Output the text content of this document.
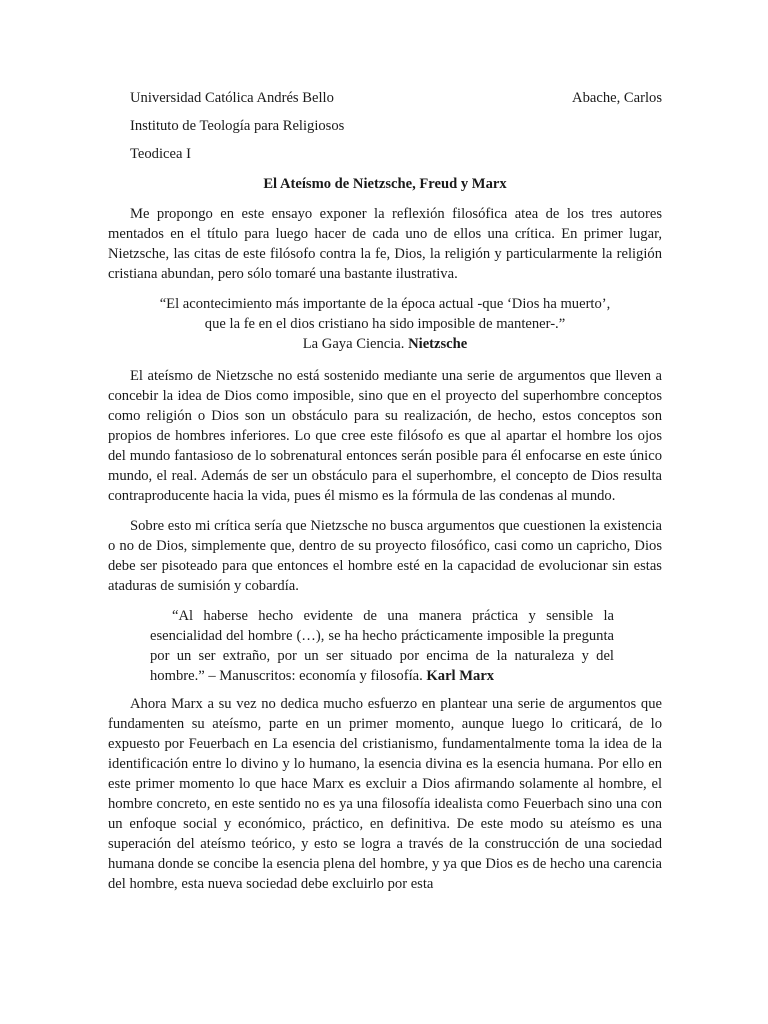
Universidad Católica Andrés Bello	Abache, Carlos
Instituto de Teología para Religiosos
Teodicea I
El Ateísmo de Nietzsche, Freud y Marx

Me propongo en este ensayo exponer la reflexión filosófica atea de los tres autores mentados en el título para luego hacer de cada uno de ellos una crítica. En primer lugar, Nietzsche, las citas de este filósofo contra la fe, Dios, la religión y particularmente la religión cristiana abundan, pero sólo tomaré una bastante ilustrativa.

“El acontecimiento más importante de la época actual -que ‘Dios ha muerto’, que la fe en el dios cristiano ha sido imposible de mantener-.”
La Gaya Ciencia. Nietzsche

El ateísmo de Nietzsche no está sostenido mediante una serie de argumentos que lleven a concebir la idea de Dios como imposible, sino que en el proyecto del superhombre conceptos como religión o Dios son un obstáculo para su realización, de hecho, estos conceptos son propios de hombres inferiores. Lo que cree este filósofo es que al apartar el hombre los ojos del mundo fantasioso de lo sobrenatural entonces serán posible para él enfocarse en este único mundo, el real. Además de ser un obstáculo para el superhombre, el concepto de Dios resulta contraproducente hacia la vida, pues él mismo es la fórmula de las condenas al mundo.

Sobre esto mi crítica sería que Nietzsche no busca argumentos que cuestionen la existencia o no de Dios, simplemente que, dentro de su proyecto filosófico, casi como un capricho, Dios debe ser pisoteado para que entonces el hombre esté en la capacidad de evolucionar sin estas ataduras de sumisión y cobardía.

“Al haberse hecho evidente de una manera práctica y sensible la esencialidad del hombre (…), se ha hecho prácticamente imposible la pregunta por un ser extraño, por un ser situado por encima de la naturaleza y del hombre.” – Manuscritos: economía y filosofía. Karl Marx

Ahora Marx a su vez no dedica mucho esfuerzo en plantear una serie de argumentos que fundamenten su ateísmo, parte en un primer momento, aunque luego lo criticará, de lo expuesto por Feuerbach en La esencia del cristianismo, fundamentalmente toma la idea de la identificación entre lo divino y lo humano, la esencia divina es la esencia humana. Por ello en este primer momento lo que hace Marx es excluir a Dios afirmando solamente al hombre, el hombre concreto, en este sentido no es ya una filosofía idealista como Feuerbach sino una con un enfoque social y económico, práctico, en definitiva. De este modo su ateísmo es una superación del ateísmo teórico, y esto se logra a través de la construcción de una sociedad humana donde se concibe la esencia plena del hombre, y ya que Dios es de hecho una carencia del hombre, esta nueva sociedad debe excluirlo por esta
